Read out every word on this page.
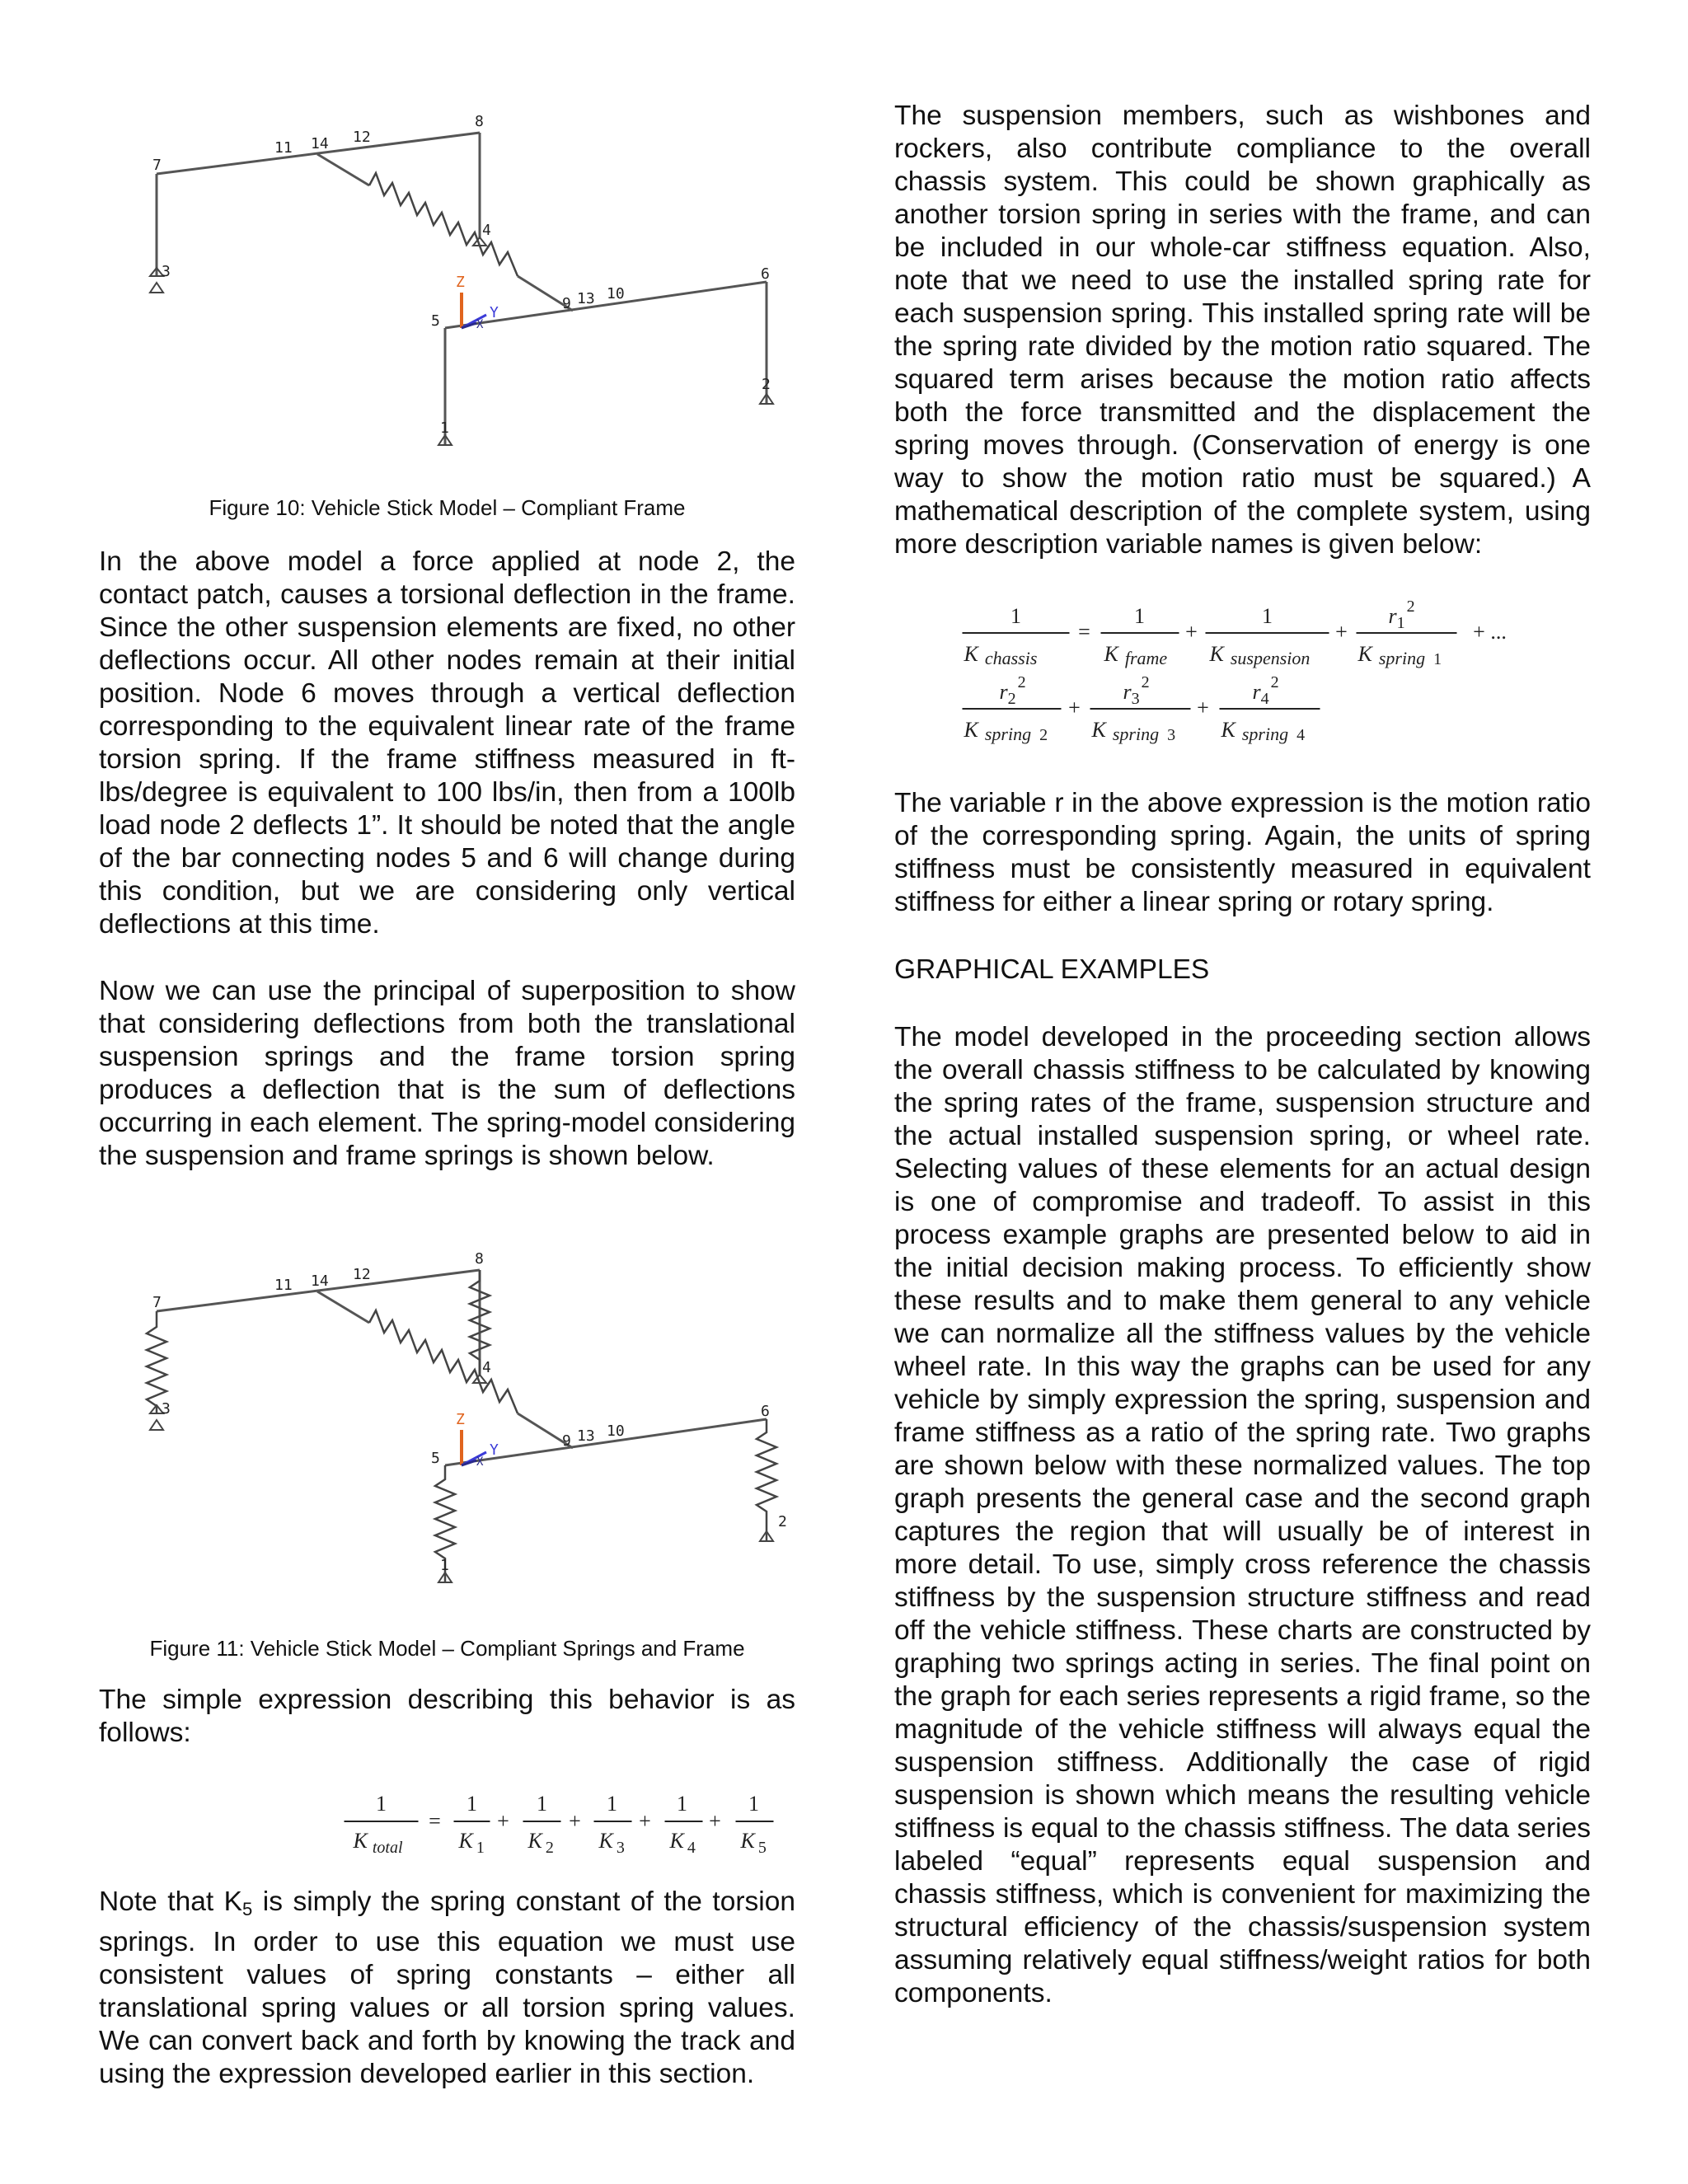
Z
Y
X
1
2
3
4
5
6
7
8
9
10
11
12
13
14

Figure 10: Vehicle Stick Model – Compliant Frame

In the above model a force applied at node 2, the contact patch, causes a torsional deflection in the frame. Since the other suspension elements are fixed, no other deflections occur. All other nodes remain at their initial position. Node 6 moves through a vertical deflection corresponding to the equivalent linear rate of the frame torsion spring. If the frame stiffness measured in ft-lbs/degree is equivalent to 100 lbs/in, then from a 100lb load node 2 deflects 1”. It should be noted that the angle of the bar connecting nodes 5 and 6 will change during this condition, but we are considering only vertical deflections at this time.

Now we can use the principal of superposition to show that considering deflections from both the translational suspension springs and the frame torsion spring produces a deflection that is the sum of deflections occurring in each element. The spring-model considering the suspension and frame springs is shown below.

Z
Y
X
1
2
3
4
5
6
7
8
9
10
11
12
13
14

Figure 11: Vehicle Stick Model – Compliant Springs and Frame

The simple expression describing this behavior is as follows:

1
K $_{total}$
=
1
K $_1$
+
1
K $_2$
+
1
K $_3$
+
1
K $_4$
+
1
K $_5$

Note that $K_5$ is simply the spring constant of the torsion springs. In order to use this equation we must use consistent values of spring constants – either all translational spring values or all torsion spring values. We can convert back and forth by knowing the track and using the expression developed earlier in this section.

The suspension members, such as wishbones and rockers, also contribute compliance to the overall chassis system. This could be shown graphically as another torsion spring in series with the frame, and can be included in our whole-car stiffness equation. Also, note that we need to use the installed spring rate for each suspension spring. This installed spring rate will be the spring rate divided by the motion ratio squared. The squared term arises because the motion ratio affects both the force transmitted and the displacement the spring moves through. (Conservation of energy is one way to show the motion ratio must be squared.) A mathematical description of the complete system, using more description variable names is given below:

1
K chassis
=
1
K frame
+
1
K suspension
+
$r_1^2$
K spring 1
+ ...
$r_2^2$
K spring 2
+
$r_3^2$
K spring 3
+
$r_4^2$
K spring 4

The variable r in the above expression is the motion ratio of the corresponding spring. Again, the units of spring stiffness must be consistently measured in equivalent stiffness for either a linear spring or rotary spring.

GRAPHICAL EXAMPLES

The model developed in the proceeding section allows the overall chassis stiffness to be calculated by knowing the spring rates of the frame, suspension structure and the actual installed suspension spring, or wheel rate. Selecting values of these elements for an actual design is one of compromise and tradeoff. To assist in this process example graphs are presented below to aid in the initial decision making process. To efficiently show these results and to make them general to any vehicle we can normalize all the stiffness values by the vehicle wheel rate. In this way the graphs can be used for any vehicle by simply expression the spring, suspension and frame stiffness as a ratio of the spring rate. Two graphs are shown below with these normalized values. The top graph presents the general case and the second graph captures the region that will usually be of interest in more detail. To use, simply cross reference the chassis stiffness by the suspension structure stiffness and read off the vehicle stiffness. These charts are constructed by graphing two springs acting in series. The final point on the graph for each series represents a rigid frame, so the magnitude of the vehicle stiffness will always equal the suspension stiffness. Additionally the case of rigid suspension is shown which means the resulting vehicle stiffness is equal to the chassis stiffness. The data series labeled “equal” represents equal suspension and chassis stiffness, which is convenient for maximizing the structural efficiency of the chassis/suspension system assuming relatively equal stiffness/weight ratios for both components.
